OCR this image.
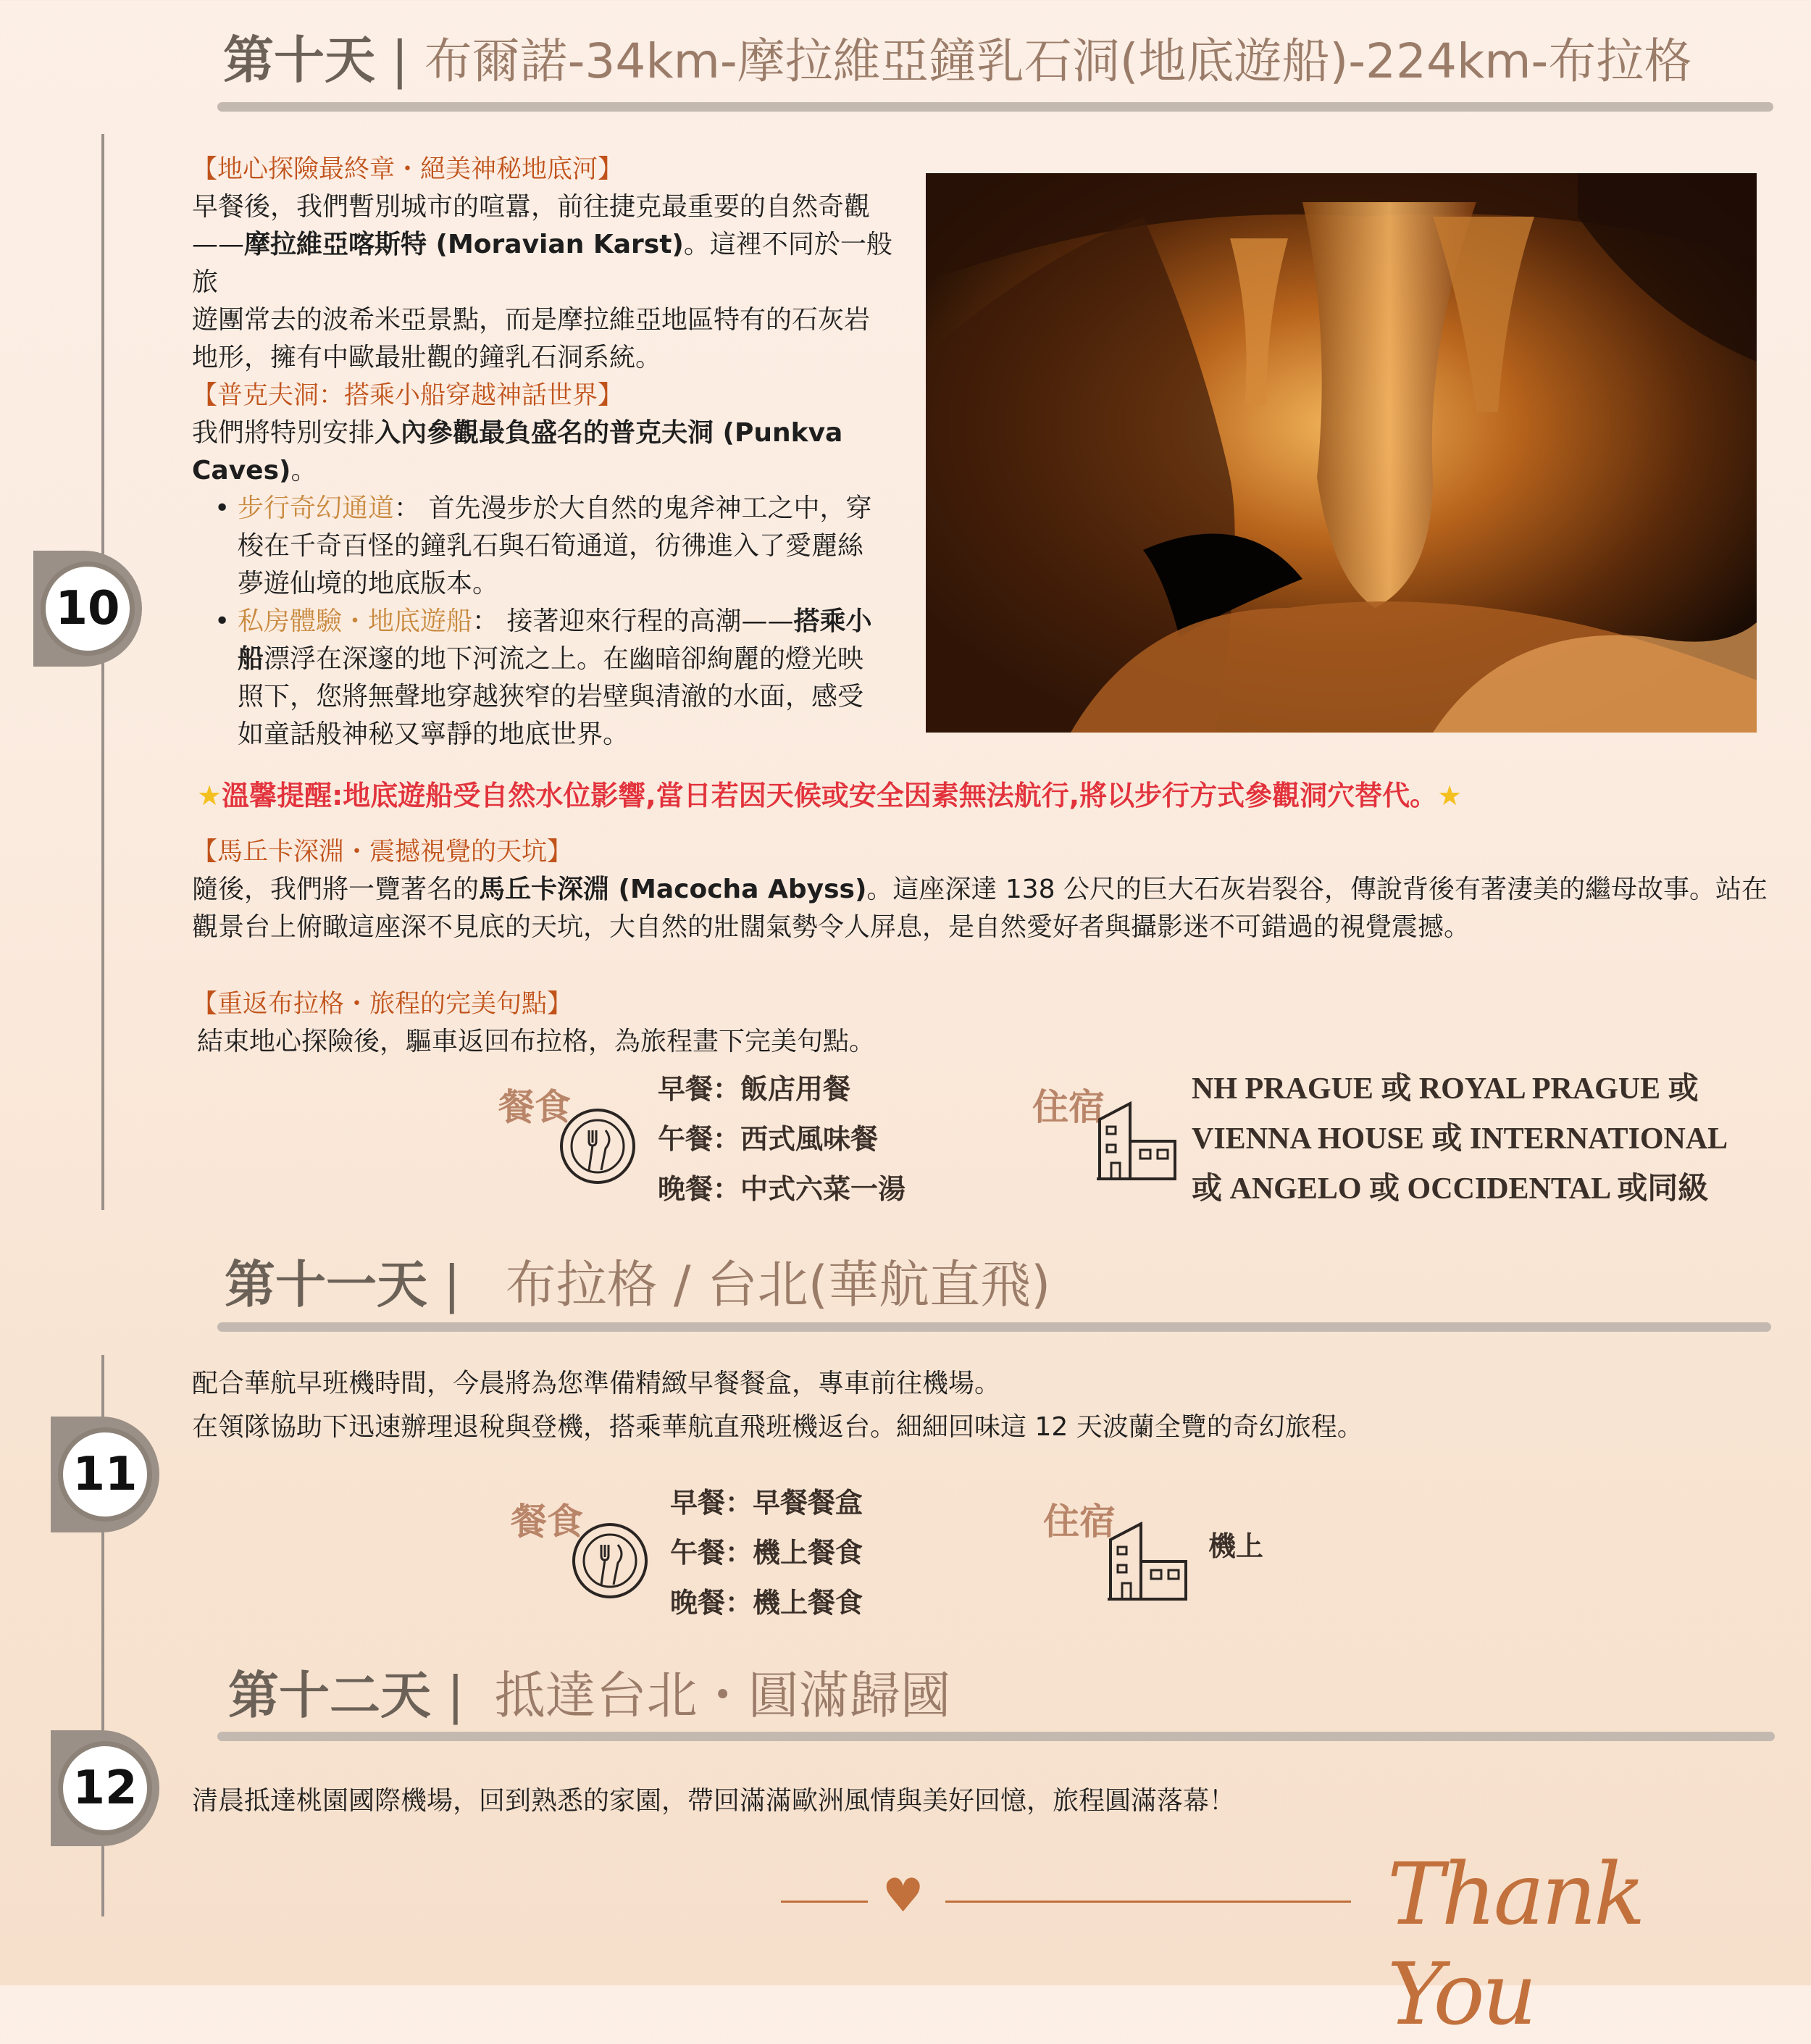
第十天 | 布爾諾-34km-摩拉維亞鐘乳石洞(地底遊船)-224km-布拉格
10
【地心探險最終章・絕美神秘地底河】
早餐後，我們暫別城市的喧囂，前往捷克最重要的自然奇觀
——摩拉維亞喀斯特 (Moravian Karst)。這裡不同於一般旅
遊團常去的波希米亞景點，而是摩拉維亞地區特有的石灰岩
地形，擁有中歐最壯觀的鐘乳石洞系統。
【普克夫洞：搭乘小船穿越神話世界】
我們將特別安排入內參觀最負盛名的普克夫洞 (Punkva
Caves)。
• 步行奇幻通道： 首先漫步於大自然的鬼斧神工之中，穿
梭在千奇百怪的鐘乳石與石筍通道，彷彿進入了愛麗絲
夢遊仙境的地底版本。
• 私房體驗・地底遊船： 接著迎來行程的高潮——搭乘小
船漂浮在深邃的地下河流之上。在幽暗卻絢麗的燈光映
照下，您將無聲地穿越狹窄的岩壁與清澈的水面，感受
如童話般神秘又寧靜的地底世界。
★溫馨提醒:地底遊船受自然水位影響,當日若因天候或安全因素無法航行,將以步行方式參觀洞穴替代。★
【馬丘卡深淵・震撼視覺的天坑】
隨後，我們將一覽著名的馬丘卡深淵 (Macocha Abyss)。這座深達 138 公尺的巨大石灰岩裂谷，傳說背後有著淒美的繼母故事。站在
觀景台上俯瞰這座深不見底的天坑，大自然的壯闊氣勢令人屏息，是自然愛好者與攝影迷不可錯過的視覺震撼。
【重返布拉格・旅程的完美句點】
結束地心探險後，驅車返回布拉格，為旅程畫下完美句點。
餐食	早餐：飯店用餐
午餐：西式風味餐
晚餐：中式六菜一湯
住宿	NH PRAGUE 或 ROYAL PRAGUE 或
VIENNA HOUSE 或 INTERNATIONAL
或 ANGELO 或 OCCIDENTAL 或同級
第十一天 | 布拉格 / 台北(華航直飛)
11
配合華航早班機時間，今晨將為您準備精緻早餐餐盒，專車前往機場。
在領隊協助下迅速辦理退稅與登機，搭乘華航直飛班機返台。細細回味這 12 天波蘭全覽的奇幻旅程。
餐食	早餐：早餐餐盒
午餐：機上餐食
晚餐：機上餐食
住宿
機上
第十二天 | 抵達台北・圓滿歸國
12	清晨抵達桃園國際機場，回到熟悉的家園，帶回滿滿歐洲風情與美好回憶，旅程圓滿落幕！
♥	Thank You
